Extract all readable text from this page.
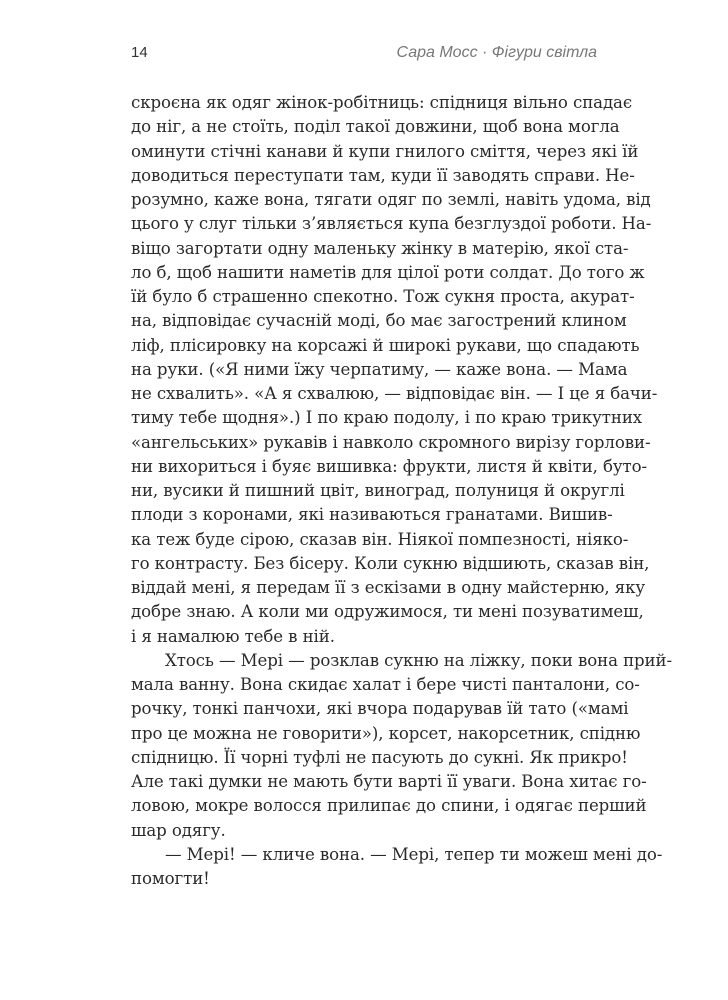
14	Сара Мосс · Фігури світла
скроєна як одяг жінок-робітниць: спідниця вільно спадає
до ніг, а не стоїть, поділ такої довжини, щоб вона могла
оминути стічні канави й купи гнилого сміття, через які їй
доводиться переступати там, куди її заводять справи. Не-
розумно, каже вона, тягати одяг по землі, навіть удома, від
цього у слуг тільки з’являється купа безглуздої роботи. На-
віщо загортати одну маленьку жінку в матерію, якої ста-
ло б, щоб нашити наметів для цілої роти солдат. До того ж
їй було б страшенно спекотно. Тож сукня проста, акурат-
на, відповідає сучасній моді, бо має загострений клином
ліф, плісировку на корсажі й широкі рукави, що спадають
на руки. («Я ними їжу черпатиму, — каже вона. — Мама
не схвалить». «А я схвалюю, — відповідає він. — І це я бачи-
тиму тебе щодня».) І по краю подолу, і по краю трикутних
«ангельських» рукавів і навколо скромного вирізу горлови-
ни вихориться і буяє вишивка: фрукти, листя й квіти, буто-
ни, вусики й пишний цвіт, виноград, полуниця й округлі
плоди з коронами, які називаються гранатами. Вишив-
ка теж буде сірою, сказав він. Ніякої помпезності, ніяко-
го контрасту. Без бісеру. Коли сукню відшиють, сказав він,
віддай мені, я передам її з ескізами в одну майстерню, яку
добре знаю. А коли ми одружимося, ти мені позуватимеш,
і я намалюю тебе в ній.
Хтось — Мері — розклав сукню на ліжку, поки вона прий-
мала ванну. Вона скидає халат і бере чисті панталони, со-
рочку, тонкі панчохи, які вчора подарував їй тато («мамі
про це можна не говорити»), корсет, накорсетник, спідню
спідницю. Її чорні туфлі не пасують до сукні. Як прикро!
Але такі думки не мають бути варті її уваги. Вона хитає го-
ловою, мокре волосся прилипає до спини, і одягає перший
шар одягу.
— Мері! — кличе вона. — Мері, тепер ти можеш мені до-
помогти!
